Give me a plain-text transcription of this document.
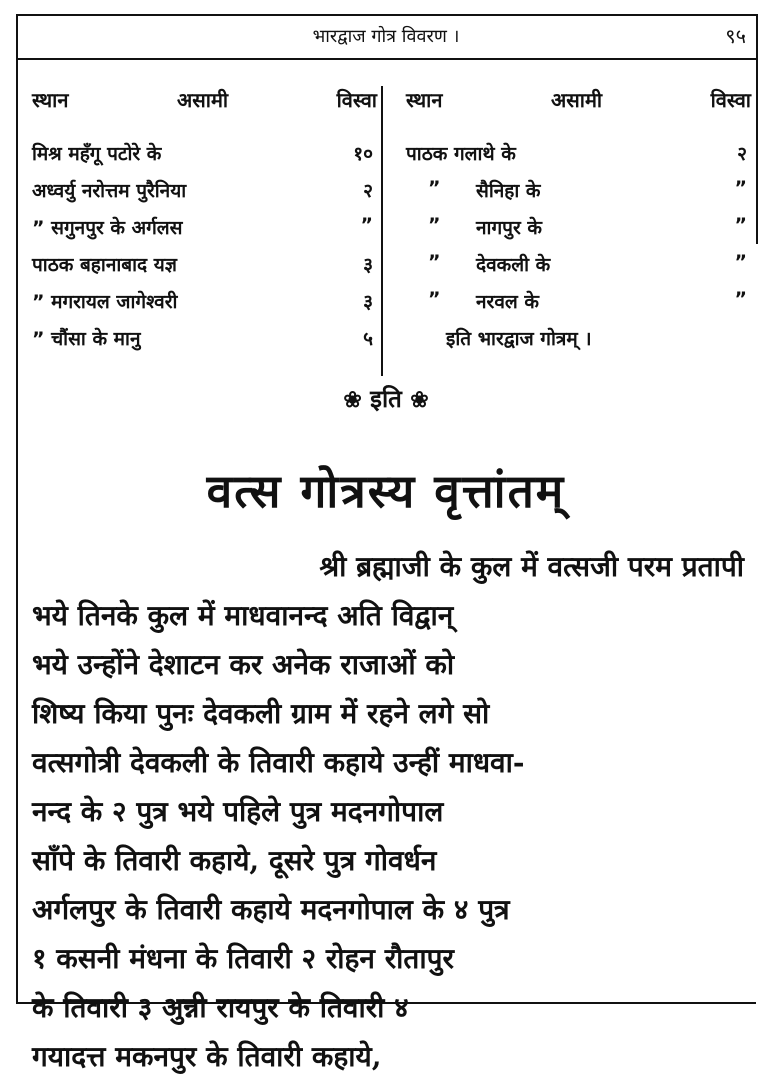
भारद्वाज गोत्र विवरण ।	९५
स्थान	असामी	विस्वा
मिश्र महँगू पटोरे के	१०
अध्वर्यु नरोत्तम पुरैनिया	२
” सगुनपुर के अर्गलस	”
पाठक बहानाबाद यज्ञ	३
” मगरायल जागेश्वरी	३
” चौंसा के मानु	५
स्थान	असामी	विस्वा
पाठक गलाथे के	२
” सैनिहा के	”
” नागपुर के	”
” देवकली के	”
” नरवल के	”
इति भारद्वाज गोत्रम् ।
❀ इति ❀
वत्स गोत्रस्य वृत्तांतम्
श्री ब्रह्माजी के कुल में वत्सजी परम प्रतापी
भये तिनके कुल में माधवानन्द अति विद्वान्
भये उन्होंने देशाटन कर अनेक राजाओं को
शिष्य किया पुनः देवकली ग्राम में रहने लगे सो
वत्सगोत्री देवकली के तिवारी कहाये उन्हीं माधवा-
नन्द के २ पुत्र भये पहिले पुत्र मदनगोपाल
साँपे के तिवारी कहाये, दूसरे पुत्र गोवर्धन
अर्गलपुर के तिवारी कहाये मदनगोपाल के ४ पुत्र
१ कसनी मंधना के तिवारी २ रोहन रौतापुर
के तिवारी ३ अुन्नी रायपुर के तिवारी ४
गयादत्त मकनपुर के तिवारी कहाये,
